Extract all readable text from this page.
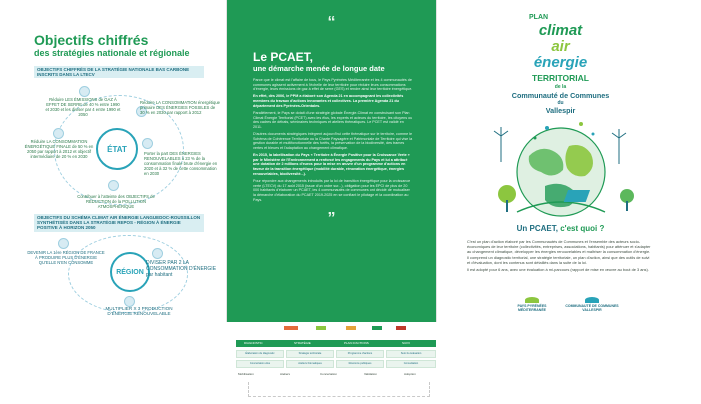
Objectifs chiffrés
des stratégies nationale et régionale
OBJECTIFS CHIFFRÉS DE LA STRATÉGIE NATIONALE BAS CARBONE INSCRITS DANS LA LTECV
ÉTAT
Réduire LES ÉMISSIONS de GAZ À EFFET DE SERRE de 40 % entre 1990 et 2030 et les diviser par 4 entre 1990 et 2050
Réduire LA CONSOMMATION énergétique primaire DES ÉNERGIES FOSSILES de 30 % en 2030 par rapport à 2012
Réduire LA CONSOMMATION ÉNERGÉTIQUE FINALE de 50 % en 2050 par rapport à 2012 et objectif intermédiaire de 20 % en 2030
Porter la part DES ÉNERGIES RENOUVELABLES à 23 % de la consommation finale brute d'énergie en 2020 et à 32 % de cette consommation en 2030
Contribuer à l'atteinte des OBJECTIFS de RÉDUCTION de la POLLUTION ATMOSPHÉRIQUE
OBJECTIFS DU SCHÉMA CLIMAT AIR ÉNERGIE LANGUEDOC-ROUSSILLON SYNTHÉTISÉS DANS LA STRATÉGIE REPOS - RÉGION À ÉNERGIE POSITIVE À HORIZON 2050
RÉGION
DEVENIR LA 1ère RÉGION DE FRANCE À PRODUIRE PLUS D'ÉNERGIE QU'ELLE N'EN CONSOMME	DIVISER PAR 2 LA CONSOMMATION D'ÉNERGIE par habitant
MULTIPLIER X 3 PRODUCTION D'ÉNERGIE RENOUVELABLE
“
Le PCAET,
une démarche menée de longue date

Parce que le climat est l'affaire de tous, le Pays Pyrénées Méditerranée et les 4 communautés de communes agissent activement à l'échelle de leur territoire pour réduire leurs consommations d'énergie, leurs émissions de gaz à effet de serre (GES) et rendre ainsi leur territoire énergétique.

En effet, dès 2006, le PPM a élaboré son Agenda 21 en accompagnant les collectivités membres du travaux d'actions innovantes et collectives. La première Agenda 21 du département des Pyrénées-Orientales.

Parallèlement, le Pays se dotait d'une stratégie globale Énergie-Climat en construisant son Plan Climat Énergie Territorial (PCET) avec les élus, les experts et acteurs du territoire, les citoyens ou des cadres de débats, séminaires techniques et ateliers thématiques. Le PCET est validé en 2011.

D'autres documents stratégiques intègrent aujourd'hui cette thématique sur le territoire, comme le Schéma de Cohérence Territoriale ou la Charte Paysagère et Patrimoniale de Territoire qui vise la gestion durable et multifonctionnelle des forêts, la préservation de la biodiversité, des trames vertes et bleues et l'adaptation au changement climatique.

En 2015, la labellisation du Pays « Territoire à Énergie Positive pour la Croissance Verte » par le Ministère de l'Environnement a renforcé les engagements du Pays et lui a attribué une dotation de 2 millions d'euros pour la mise en œuvre d'un programme d'actions en faveur de la transition énergétique (mobilité durable, rénovation énergétique, énergies renouvelables, biodiversité...).

Pour répondre aux changements introduits par la loi de transition énergétique pour la croissance verte (LTECV) du 17 août 2015 (issue d'un ordre sur...), obligation pour les EPCI de plus de 20 000 habitants d'élaborer un PCAET, les 4 communautés de communes ont décidé de mutualiser la démarche d'élaboration du PCAET 2019-2025 en se confiant le pilotage et la coordination au Pays.

”
PLAN
climat
air
énergie
TERRITORIAL
de la
Communauté de Communes
du
Vallespir
Un PCAET, c'est quoi ?

C'est un plan d'action élaboré par les Communautés de Communes et l'ensemble des acteurs socio-économiques de leur territoire (collectivités, entreprises, associations, habitants) pour atténuer et s'adapter au changement climatique, développer les énergies renouvelables et maîtriser la consommation d'énergie.

Il comprend un diagnostic territorial, une stratégie territoriale, un plan d'action, ainsi que des outils de suivi et d'évaluation, dont les contenus sont détaillés dans la suite de la loi.

Il est adopté pour 6 ans, avec une évaluation à mi-parcours (rapport de mise en œuvre au bout de 3 ans).

PAYS PYRÉNÉES MÉDITERRANÉE
COMMUNAUTÉ DE COMMUNES VALLESPIR
DIAGNOSTIC	STRATÉGIE	PLAN D'ACTIONS	SUIVI
Élaboration du diagnostic	Stratégie territoriale	Programme d'actions	Suivi & évaluation
Concertation élus	Ateliers thématiques	Réunions publiques	Consultation
Mobilisation	Ateliers	Concertation	Validation	Adoption
